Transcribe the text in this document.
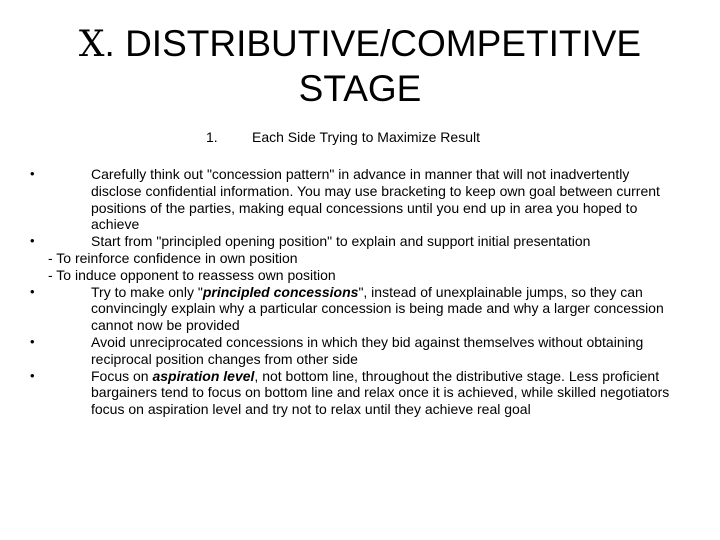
Ⅹ. DISTRIBUTIVE/COMPETITIVE
STAGE
1. Each Side Trying to Maximize Result
•	Carefully think out "concession pattern" in advance in manner that will not inadvertently disclose confidential information. You may use bracketing to keep own goal between current positions of the parties, making equal concessions until you end up in area you hoped to achieve
•	Start from "principled opening position" to explain and support initial presentation
- To reinforce confidence in own position
- To induce opponent to reassess own position
•	Try to make only "principled concessions", instead of unexplainable jumps, so they can convincingly explain why a particular concession is being made and why a larger concession cannot now be provided
•	Avoid unreciprocated concessions in which they bid against themselves without obtaining reciprocal position changes from other side
•	Focus on aspiration level, not bottom line, throughout the distributive stage. Less proficient bargainers tend to focus on bottom line and relax once it is achieved, while skilled negotiators focus on aspiration level and try not to relax until they achieve real goal
